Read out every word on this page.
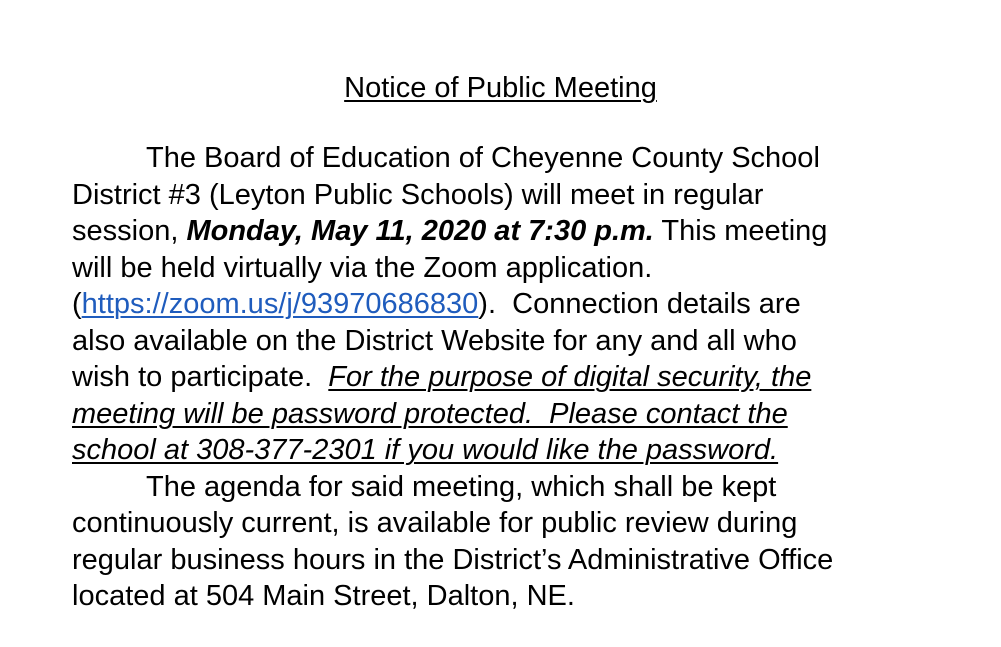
Notice of Public Meeting
The Board of Education of Cheyenne County School
District #3 (Leyton Public Schools) will meet in regular
session, Monday, May 11, 2020 at 7:30 p.m. This meeting
will be held virtually via the Zoom application.
(https://zoom.us/j/93970686830).  Connection details are
also available on the District Website for any and all who
wish to participate.  For the purpose of digital security, the
meeting will be password protected.  Please contact the
school at 308-377-2301 if you would like the password.
The agenda for said meeting, which shall be kept
continuously current, is available for public review during
regular business hours in the District’s Administrative Office
located at 504 Main Street, Dalton, NE.
